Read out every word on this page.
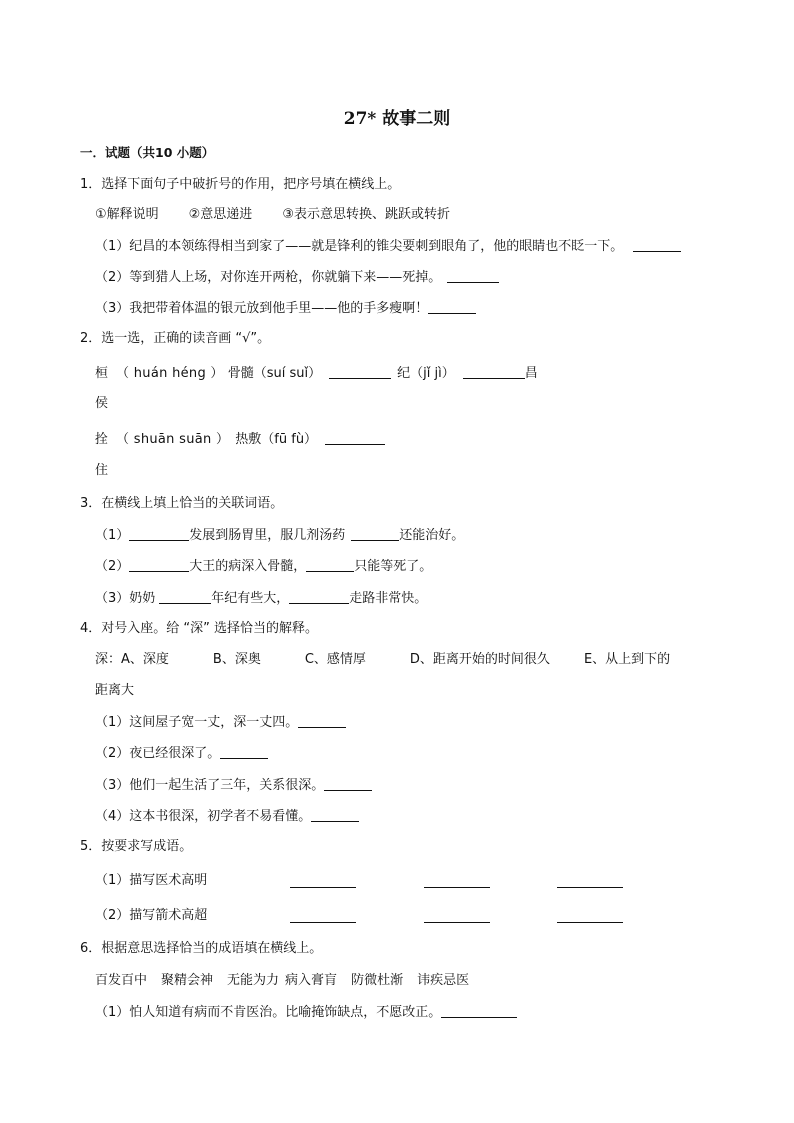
27* 故事二则
一．试题（共10 小题）
1．选择下面句子中破折号的作用，把序号填在横线上。
①解释说明 ②意思递进 ③表示意思转换、跳跃或转折
（1）纪昌的本领练得相当到家了——就是锋利的锥尖要刺到眼角了，他的眼睛也不眨一下。
（2）等到猎人上场，对你连开两枪，你就躺下来——死掉。
（3）我把带着体温的银元放到他手里——他的手多瘦啊！
2．选一选，正确的读音画 “√”。
桓 （ huán héng ） 骨髓（suí suǐ）	纪（jǐ jì）	昌
侯
拴 （ shuān suān ） 热敷（fū fù）
住
3．在横线上填上恰当的关联词语。
（1）	发展到肠胃里，服几剂汤药	还能治好。
（2）	大王的病深入骨髓，	只能等死了。
（3）奶奶	年纪有些大，	走路非常快。
4．对号入座。给 “深” 选择恰当的解释。
深：A、深度	B、深奥	C、感情厚	D、距离开始的时间很久	E、从上到下的
距离大
（1）这间屋子宽一丈，深一丈四。
（2）夜已经很深了。
（3）他们一起生活了三年，关系很深。
（4）这本书很深，初学者不易看懂。
5．按要求写成语。
（1）描写医术高明
（2）描写箭术高超
6．根据意思选择恰当的成语填在横线上。
百发百中 聚精会神 无能为力 病入膏肓 防微杜渐 讳疾忌医
（1）怕人知道有病而不肯医治。比喻掩饰缺点，不愿改正。
